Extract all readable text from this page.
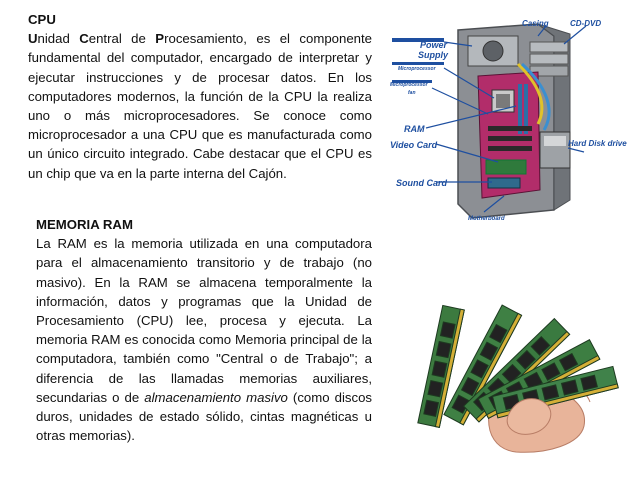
CPU
Unidad Central de Procesamiento, es el componente fundamental del computador, encargado de interpretar y ejecutar instrucciones y de procesar datos. En los computadores modernos, la función de la CPU la realiza uno o más microprocesadores. Se conoce como microprocesador a una CPU que es manufacturada como un único circuito integrado. Cabe destacar que el CPU es un chip que va en la parte interna del Cajón.
MEMORIA RAM
La RAM es la memoria utilizada en una computadora para el almacenamiento transitorio y de trabajo (no masivo). En la RAM se almacena temporalmente la información, datos y programas que la Unidad de Procesamiento (CPU) lee, procesa y ejecuta. La memoria RAM es conocida como Memoria principal de la computadora, también como "Central o de Trabajo"; a diferencia de las llamadas memorias auxiliares, secundarias o de almacenamiento masivo (como discos duros, unidades de estado sólido, cintas magnéticas u otras memorias).
Power
Supply
Microprocessor
Microprocessor
fan
RAM
Video Card
Sound Card
Motherboard
Casing	CD-DVD
Hard Disk drive
